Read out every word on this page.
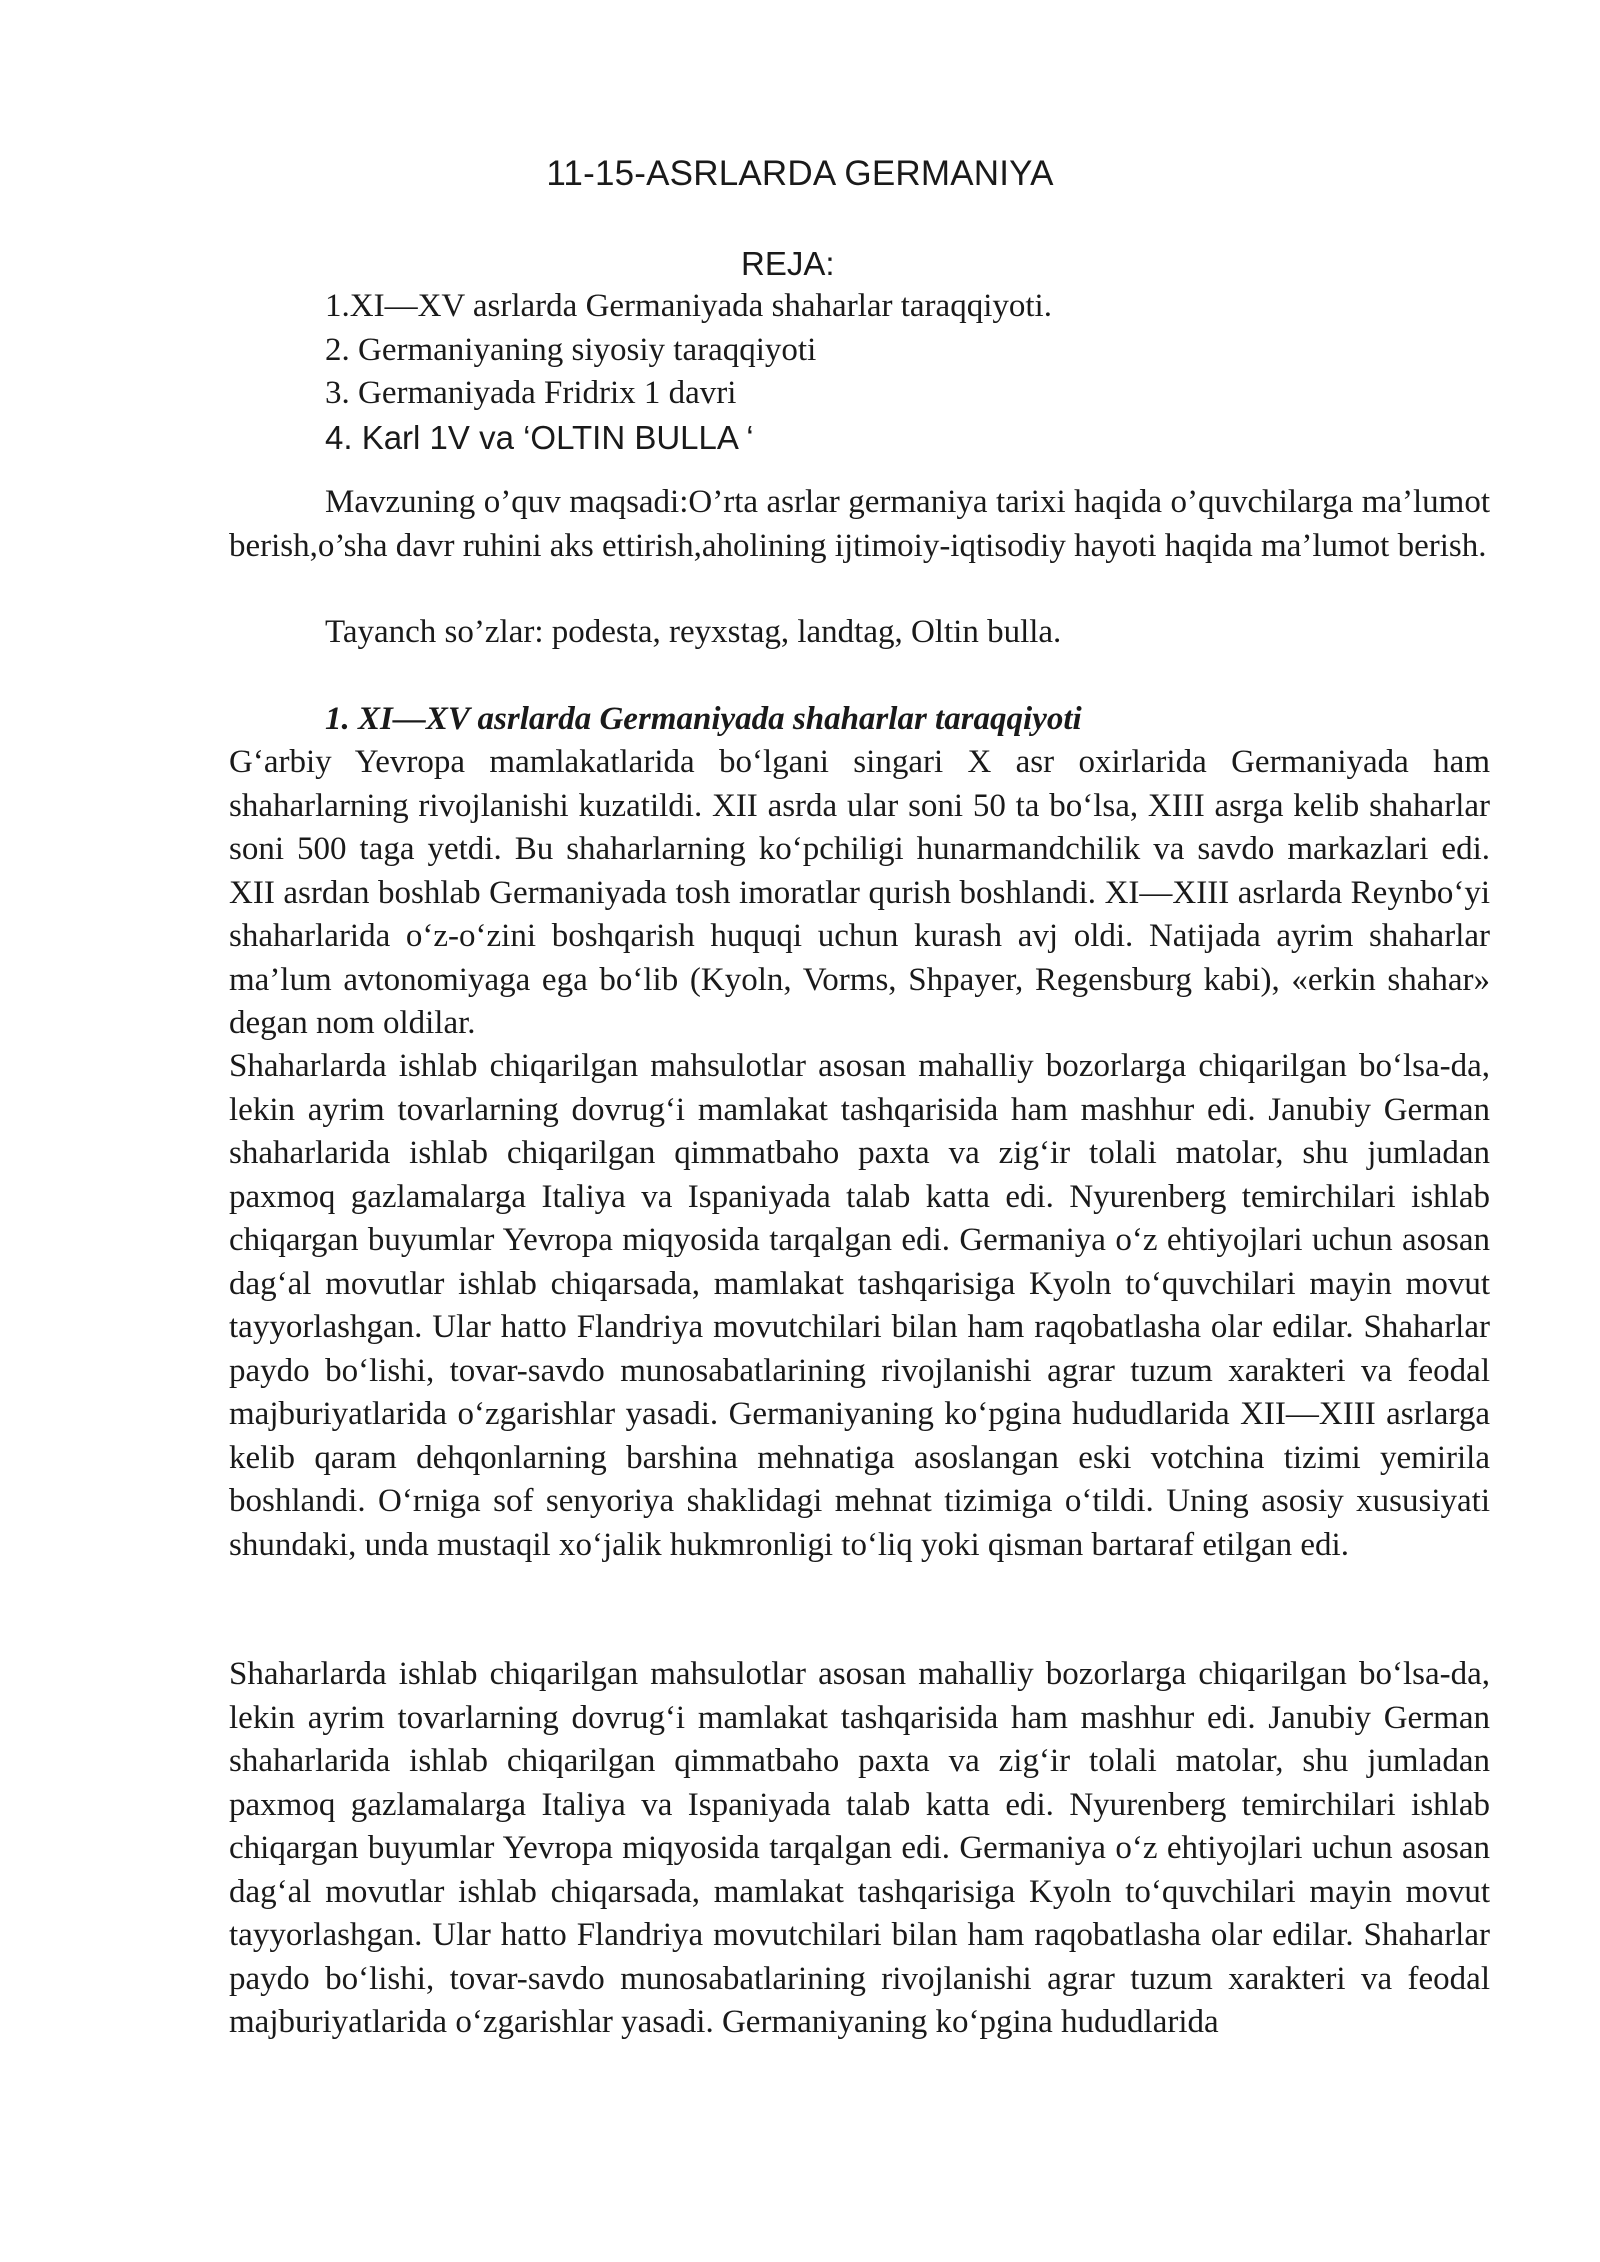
11-15-ASRLARDA GERMANIYA
REJA:
1.XI—XV asrlarda Germaniyada shaharlar taraqqiyoti.
2. Germaniyaning siyosiy taraqqiyoti
3. Germaniyada Fridrix 1 davri
4. Karl 1V va ‘OLTIN BULLA ‘

Mavzuning o’quv maqsadi:O’rta asrlar germaniya tarixi haqida o’quvchilarga ma’lumot berish,o’sha davr ruhini aks ettirish,aholining ijtimoiy-iqtisodiy hayoti haqida ma’lumot berish.

Tayanch so’zlar: podesta, reyxstag, landtag, Oltin bulla.

1. XI—XV asrlarda Germaniyada shaharlar taraqqiyoti

G‘arbiy Yevropa mamlakatlarida bo‘lgani singari X asr oxirlarida Germaniyada ham shaharlarning rivojlanishi kuzatildi. XII asrda ular soni 50 ta bo‘lsa, XIII asrga kelib shaharlar soni 500 taga yetdi. Bu shaharlarning ko‘pchiligi hunarmandchilik va savdo markazlari edi. XII asrdan boshlab Germaniyada tosh imoratlar qurish boshlandi. XI—XIII asrlarda Reynbo‘yi shaharlarida o‘z-o‘zini boshqarish huquqi uchun kurash avj oldi. Natijada ayrim shaharlar ma’lum avtonomiyaga ega bo‘lib (Kyoln, Vorms, Shpayer, Regensburg kabi), «erkin shahar» degan nom oldilar.

Shaharlarda ishlab chiqarilgan mahsulotlar asosan mahalliy bozorlarga chiqarilgan bo‘lsa-da, lekin ayrim tovarlarning dovrug‘i mamlakat tashqarisida ham mashhur edi. Janubiy German shaharlarida ishlab chiqarilgan qimmatbaho paxta va zig‘ir tolali matolar, shu jumladan paxmoq gazlamalarga Italiya va Ispaniyada talab katta edi. Nyurenberg temirchilari ishlab chiqargan buyumlar Yevropa miqyosida tarqalgan edi. Germaniya o‘z ehtiyojlari uchun asosan dag‘al movutlar ishlab chiqarsada, mamlakat tashqarisiga Kyoln to‘quvchilari mayin movut tayyorlashgan. Ular hatto Flandriya movutchilari bilan ham raqobatlasha olar edilar. Shaharlar paydo bo‘lishi, tovar-savdo munosabatlarining rivojlanishi agrar tuzum xarakteri va feodal majburiyatlarida o‘zgarishlar yasadi. Germaniyaning ko‘pgina hududlarida XII—XIII asrlarga kelib qaram dehqonlarning barshina mehnatiga asoslangan eski votchina tizimi yemirila boshlandi. O‘rniga sof senyoriya shaklidagi mehnat tizimiga o‘tildi. Uning asosiy xususiyati shundaki, unda mustaqil xo‘jalik hukmronligi to‘liq yoki qisman bartaraf etilgan edi.

Shaharlarda ishlab chiqarilgan mahsulotlar asosan mahalliy bozorlarga chiqarilgan bo‘lsa-da, lekin ayrim tovarlarning dovrug‘i mamlakat tashqarisida ham mashhur edi. Janubiy German shaharlarida ishlab chiqarilgan qimmatbaho paxta va zig‘ir tolali matolar, shu jumladan paxmoq gazlamalarga Italiya va Ispaniyada talab katta edi. Nyurenberg temirchilari ishlab chiqargan buyumlar Yevropa miqyosida tarqalgan edi. Germaniya o‘z ehtiyojlari uchun asosan dag‘al movutlar ishlab chiqarsada, mamlakat tashqarisiga Kyoln to‘quvchilari mayin movut tayyorlashgan. Ular hatto Flandriya movutchilari bilan ham raqobatlasha olar edilar. Shaharlar paydo bo‘lishi, tovar-savdo munosabatlarining rivojlanishi agrar tuzum xarakteri va feodal majburiyatlarida o‘zgarishlar yasadi. Germaniyaning ko‘pgina hududlarida
